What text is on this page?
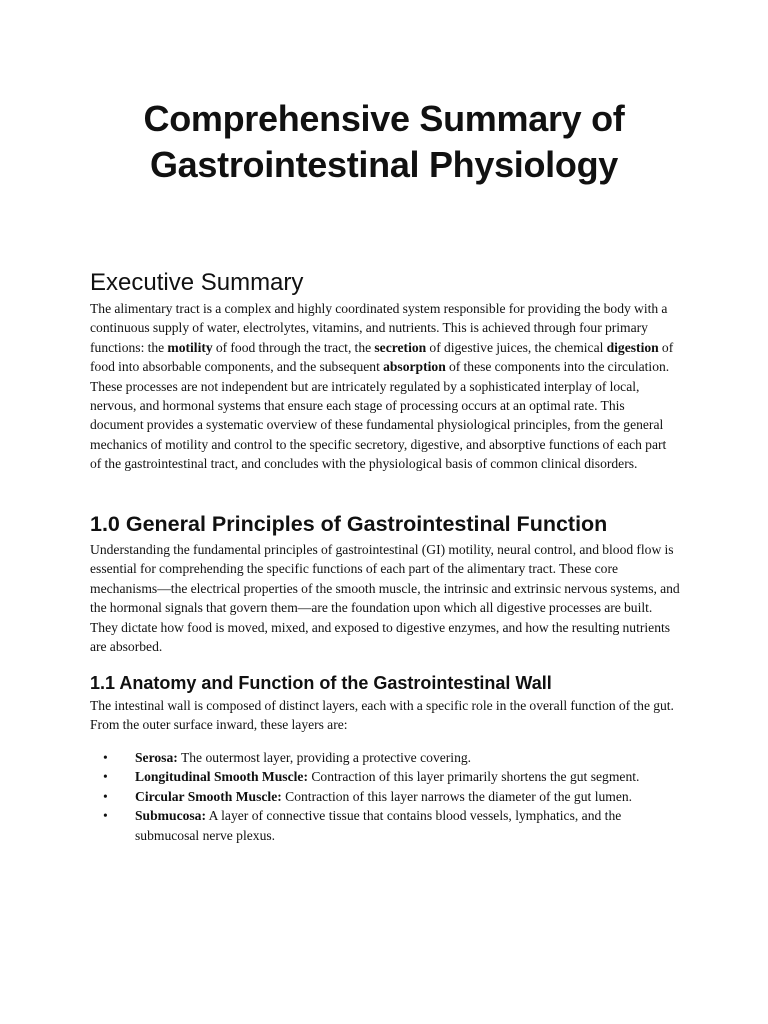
Comprehensive Summary of Gastrointestinal Physiology
Executive Summary

The alimentary tract is a complex and highly coordinated system responsible for providing the body with a continuous supply of water, electrolytes, vitamins, and nutrients. This is achieved through four primary functions: the motility of food through the tract, the secretion of digestive juices, the chemical digestion of food into absorbable components, and the subsequent absorption of these components into the circulation. These processes are not independent but are intricately regulated by a sophisticated interplay of local, nervous, and hormonal systems that ensure each stage of processing occurs at an optimal rate. This document provides a systematic overview of these fundamental physiological principles, from the general mechanics of motility and control to the specific secretory, digestive, and absorptive functions of each part of the gastrointestinal tract, and concludes with the physiological basis of common clinical disorders.

1.0 General Principles of Gastrointestinal Function

Understanding the fundamental principles of gastrointestinal (GI) motility, neural control, and blood flow is essential for comprehending the specific functions of each part of the alimentary tract. These core mechanisms—the electrical properties of the smooth muscle, the intrinsic and extrinsic nervous systems, and the hormonal signals that govern them—are the foundation upon which all digestive processes are built. They dictate how food is moved, mixed, and exposed to digestive enzymes, and how the resulting nutrients are absorbed.

1.1 Anatomy and Function of the Gastrointestinal Wall

The intestinal wall is composed of distinct layers, each with a specific role in the overall function of the gut. From the outer surface inward, these layers are:

• Serosa: The outermost layer, providing a protective covering.
• Longitudinal Smooth Muscle: Contraction of this layer primarily shortens the gut segment.
• Circular Smooth Muscle: Contraction of this layer narrows the diameter of the gut lumen.
• Submucosa: A layer of connective tissue that contains blood vessels, lymphatics, and the submucosal nerve plexus.
